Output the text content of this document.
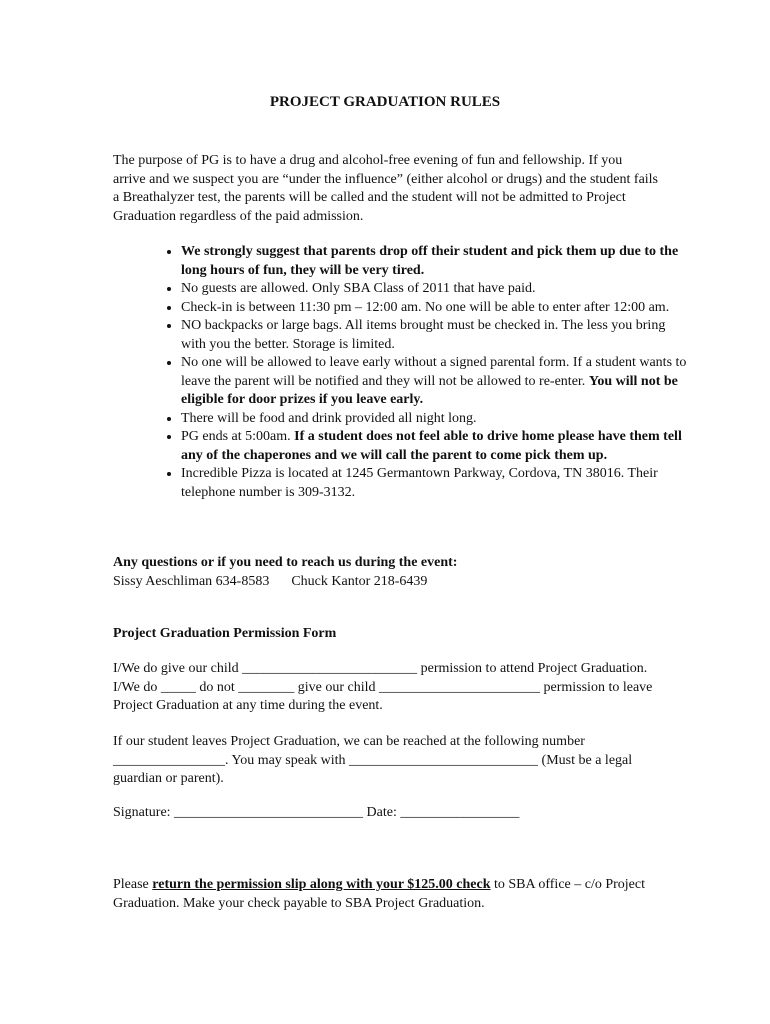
PROJECT GRADUATION RULES

The purpose of PG is to have a drug and alcohol-free evening of fun and fellowship. If you arrive and we suspect you are “under the influence” (either alcohol or drugs) and the student fails a Breathalyzer test, the parents will be called and the student will not be admitted to Project Graduation regardless of the paid admission.

• We strongly suggest that parents drop off their student and pick them up due to the long hours of fun, they will be very tired.
• No guests are allowed. Only SBA Class of 2011 that have paid.
• Check-in is between 11:30 pm – 12:00 am. No one will be able to enter after 12:00 am.
• NO backpacks or large bags. All items brought must be checked in. The less you bring with you the better. Storage is limited.
• No one will be allowed to leave early without a signed parental form. If a student wants to leave the parent will be notified and they will not be allowed to re-enter. You will not be eligible for door prizes if you leave early.
• There will be food and drink provided all night long.
• PG ends at 5:00am. If a student does not feel able to drive home please have them tell any of the chaperones and we will call the parent to come pick them up.
• Incredible Pizza is located at 1245 Germantown Parkway, Cordova, TN 38016. Their telephone number is 309-3132.
Any questions or if you need to reach us during the event:
Sissy Aeschliman 634-8583 Chuck Kantor 218-6439

Project Graduation Permission Form

I/We do give our child _________________________ permission to attend Project Graduation. I/We do _____ do not ________ give our child _______________________ permission to leave Project Graduation at any time during the event.

If our student leaves Project Graduation, we can be reached at the following number ________________. You may speak with ___________________________ (Must be a legal guardian or parent).

Signature: ___________________________ Date: _________________

Please return the permission slip along with your $125.00 check to SBA office – c/o Project Graduation. Make your check payable to SBA Project Graduation.
